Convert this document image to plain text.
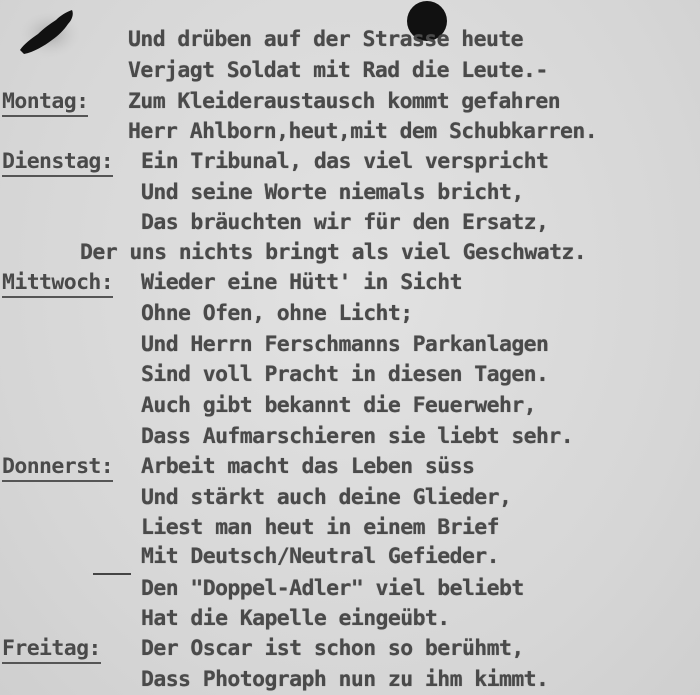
Und drüben auf der Strasse heute
Verjagt Soldat mit Rad die Leute.-
Montag: Zum Kleideraustausch kommt gefahren
Herr Ahlborn,heut,mit dem Schubkarren.
Dienstag: Ein Tribunal, das viel verspricht
Und seine Worte niemals bricht,
Das bräuchten wir für den Ersatz,
Der uns nichts bringt als viel Geschwatz.
Mittwoch: Wieder eine Hütt' in Sicht
Ohne Ofen, ohne Licht;
Und Herrn Ferschmanns Parkanlagen
Sind voll Pracht in diesen Tagen.
Auch gibt bekannt die Feuerwehr,
Dass Aufmarschieren sie liebt sehr.
Donnerst: Arbeit macht das Leben süss
Und stärkt auch deine Glieder,
Liest man heut in einem Brief
Mit Deutsch/Neutral Gefieder.
Den "Doppel-Adler" viel beliebt
Hat die Kapelle eingeübt.
Freitag: Der Oscar ist schon so berühmt,
Dass Photograph nun zu ihm kimmt.
